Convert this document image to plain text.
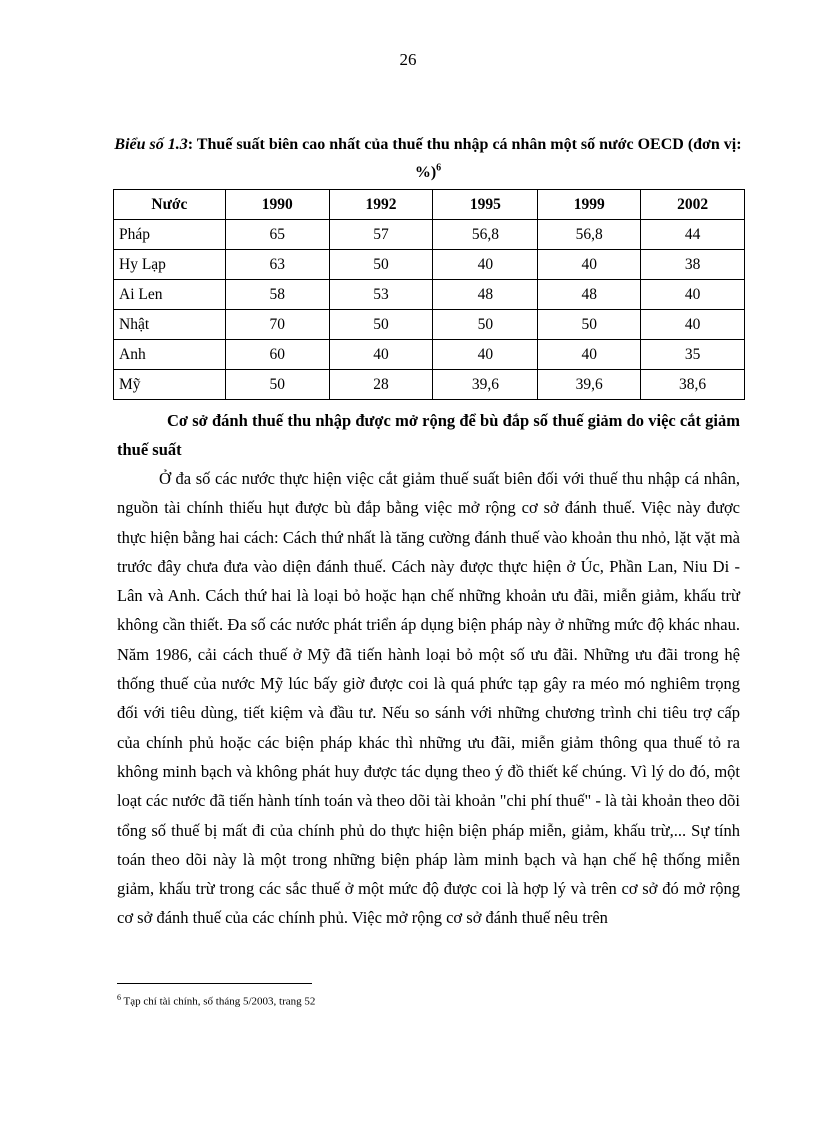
26
Biểu số 1.3: Thuế suất biên cao nhất của thuế thu nhập cá nhân một số nước OECD (đơn vị: %)$^6$
Nước	1990	1992	1995	1999	2002
Pháp	65	57	56,8	56,8	44
Hy Lạp	63	50	40	40	38
Ai Len	58	53	48	48	40
Nhật	70	50	50	50	40
Anh	60	40	40	40	35
Mỹ	50	28	39,6	39,6	38,6
Cơ sở đánh thuế thu nhập được mở rộng để bù đắp số thuế giảm do việc cắt giảm thuế suất
Ở đa số các nước thực hiện việc cắt giảm thuế suất biên đối với thuế thu nhập cá nhân, nguồn tài chính thiếu hụt được bù đắp bằng việc mở rộng cơ sở đánh thuế. Việc này được thực hiện bằng hai cách: Cách thứ nhất là tăng cường đánh thuế vào khoản thu nhỏ, lặt vặt mà trước đây chưa đưa vào diện đánh thuế. Cách này được thực hiện ở Úc, Phần Lan, Niu Di - Lân và Anh. Cách thứ hai là loại bỏ hoặc hạn chế những khoản ưu đãi, miễn giảm, khấu trừ không cần thiết. Đa số các nước phát triển áp dụng biện pháp này ở những mức độ khác nhau. Năm 1986, cải cách thuế ở Mỹ đã tiến hành loại bỏ một số ưu đãi. Những ưu đãi trong hệ thống thuế của nước Mỹ lúc bấy giờ được coi là quá phức tạp gây ra méo mó nghiêm trọng đối với tiêu dùng, tiết kiệm và đầu tư. Nếu so sánh với những chương trình chi tiêu trợ cấp của chính phủ hoặc các biện pháp khác thì những ưu đãi, miễn giảm thông qua thuế tỏ ra không minh bạch và không phát huy được tác dụng theo ý đồ thiết kế chúng. Vì lý do đó, một loạt các nước đã tiến hành tính toán và theo dõi tài khoản "chi phí thuế" - là tài khoản theo dõi tổng số thuế bị mất đi của chính phủ do thực hiện biện pháp miễn, giảm, khấu trừ,... Sự tính toán theo dõi này là một trong những biện pháp làm minh bạch và hạn chế hệ thống miễn giảm, khấu trừ trong các sắc thuế ở một mức độ được coi là hợp lý và trên cơ sở đó mở rộng cơ sở đánh thuế của các chính phủ. Việc mở rộng cơ sở đánh thuế nêu trên
$^6$ Tạp chí tài chính, số tháng 5/2003, trang 52
